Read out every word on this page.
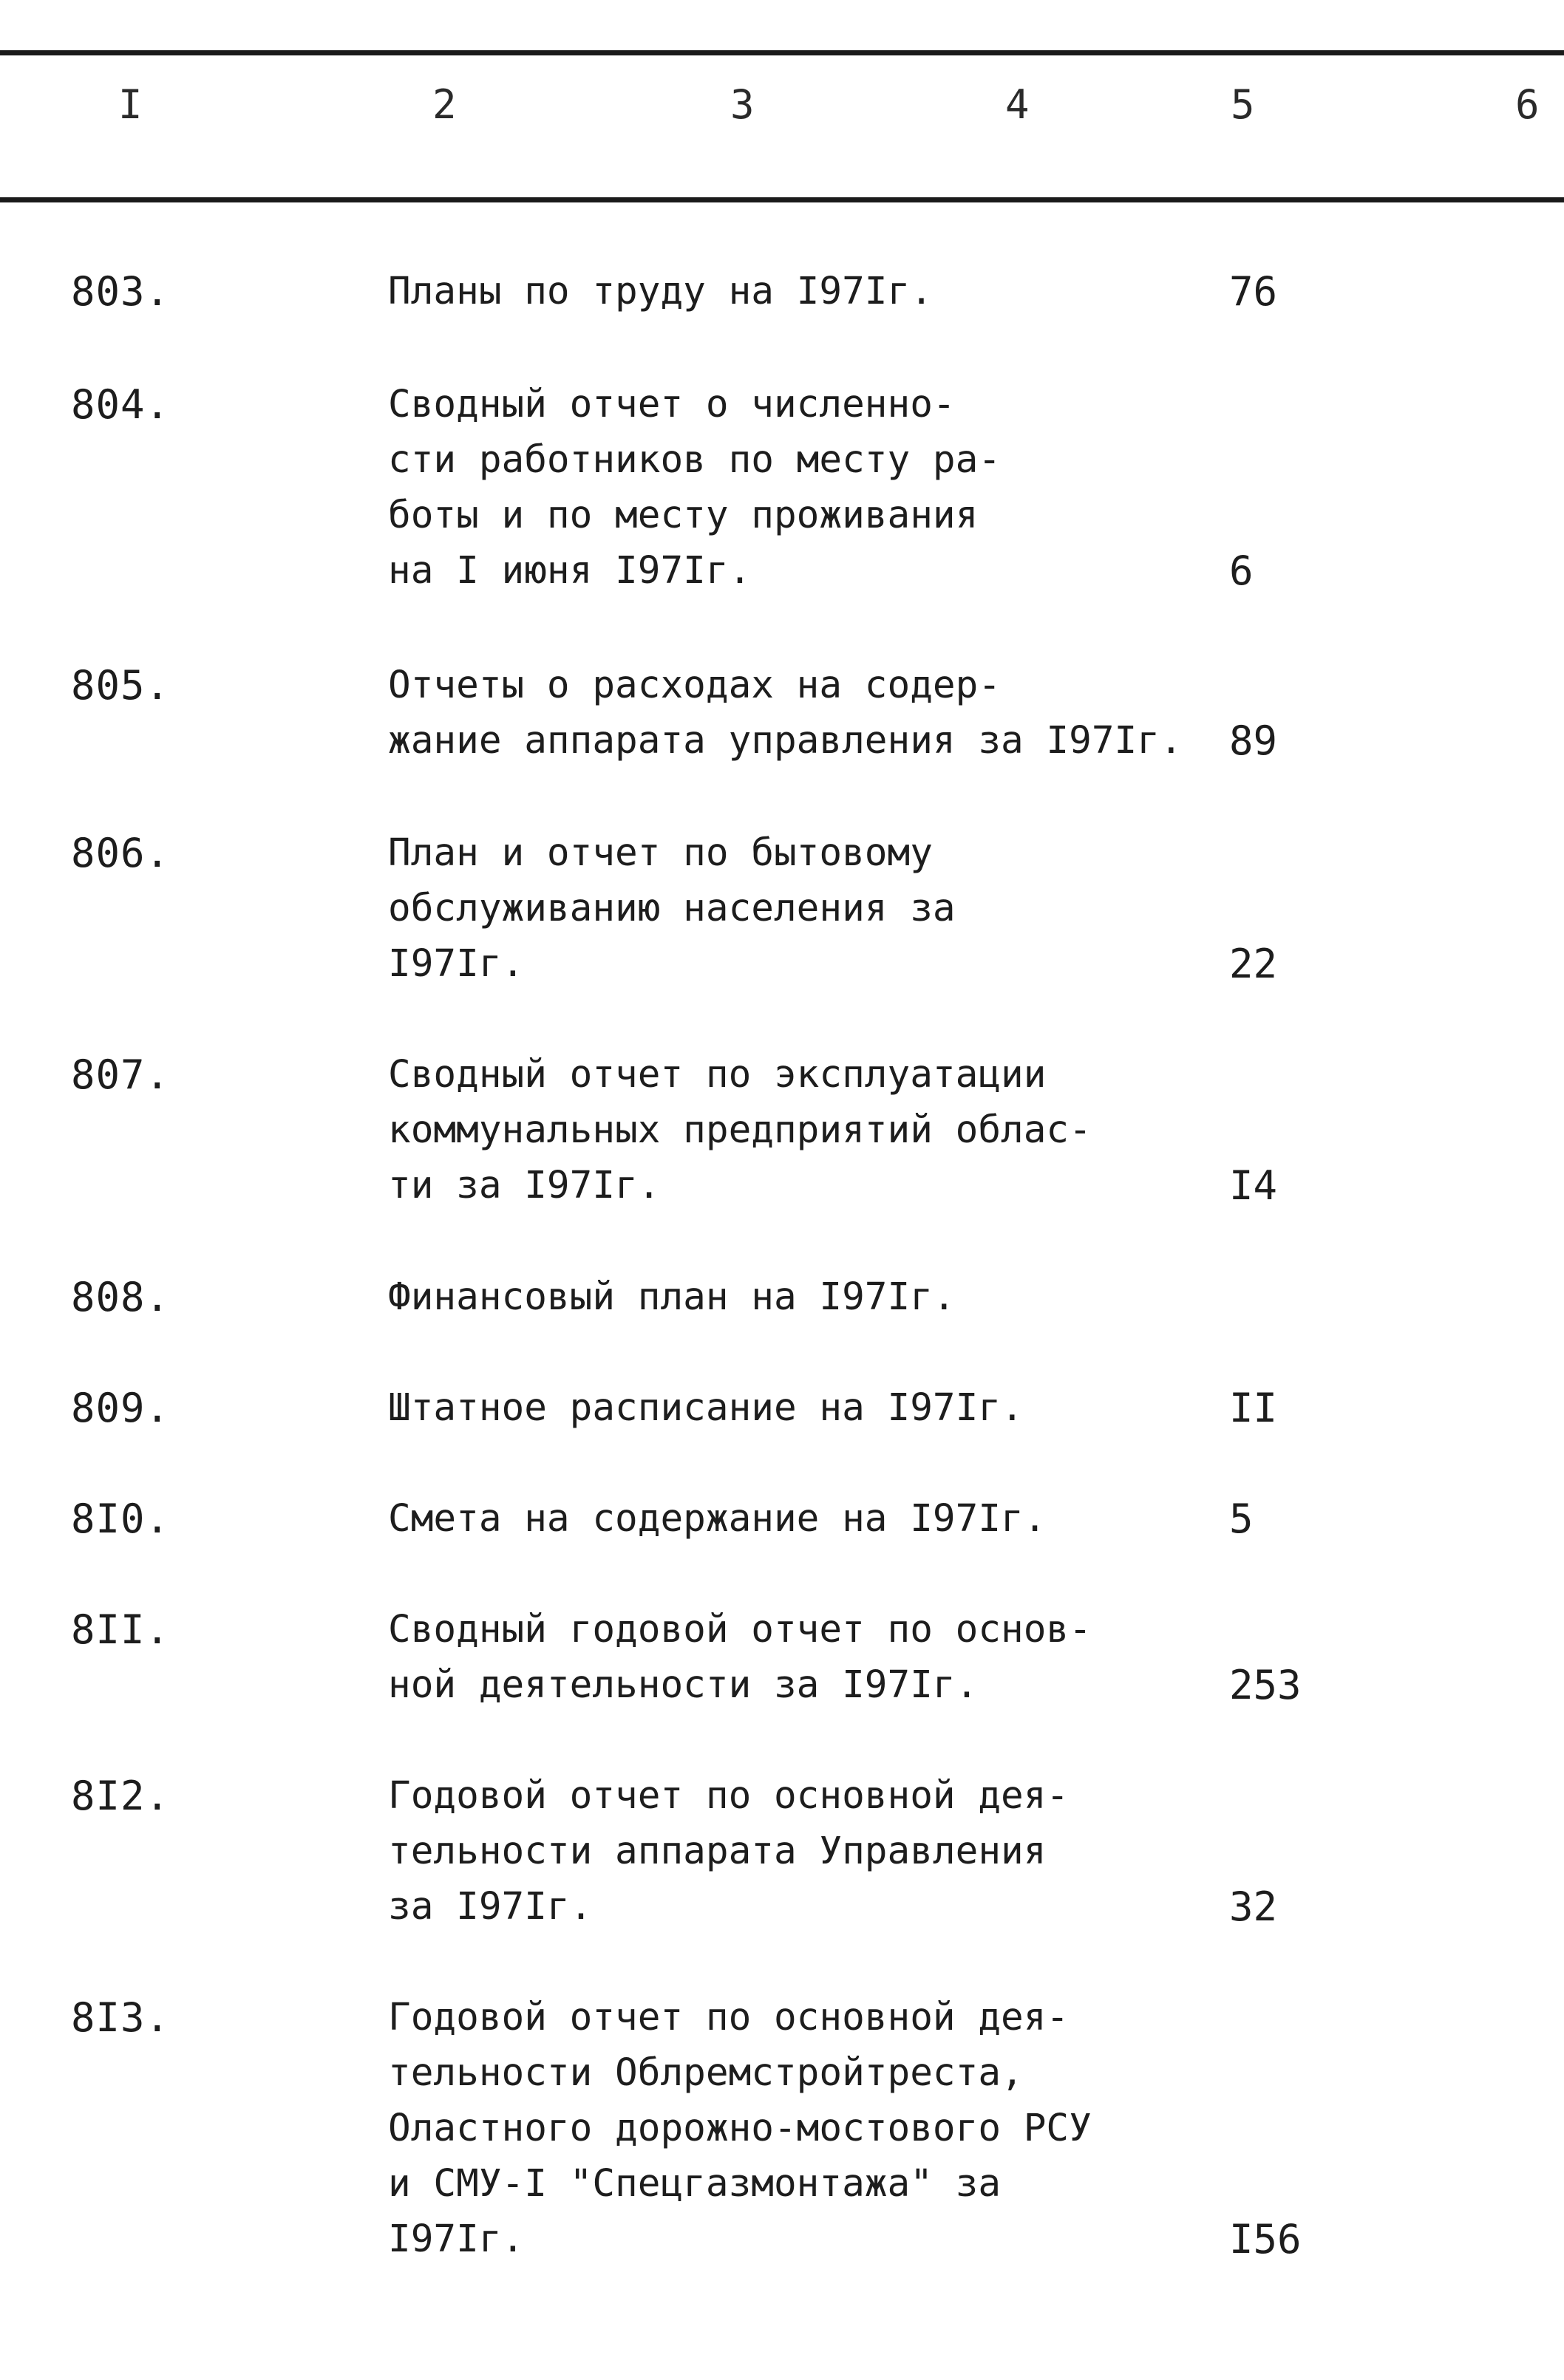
I	2	3	4	5	6
803.	Планы по труду на I97Iг.	76
804.	Сводный отчет о численно-
сти работников по месту ра-
боты и по месту проживания
на I июня I97Iг.	6
805.	Отчеты о расходах на содер-
жание аппарата управления за I97Iг.	89
806.	План и отчет по бытовому
обслуживанию населения за
I97Iг.	22
807.	Сводный отчет по эксплуатации
коммунальных предприятий облас-
ти за I97Iг.	I4
808.	Финансовый план на I97Iг.
809.	Штатное расписание на I97Iг.	II
8I0.	Смета на содержание на I97Iг.	5
8II.	Сводный годовой отчет по основ-
ной деятельности за I97Iг.	253
8I2.	Годовой отчет по основной дея-
тельности аппарата Управления
за I97Iг.	32
8I3.	Годовой отчет по основной дея-
тельности Облремстройтреста,
Оластного дорожно-мостового РСУ
и СМУ-I "Спецгазмонтажа" за
I97Iг.	I56
